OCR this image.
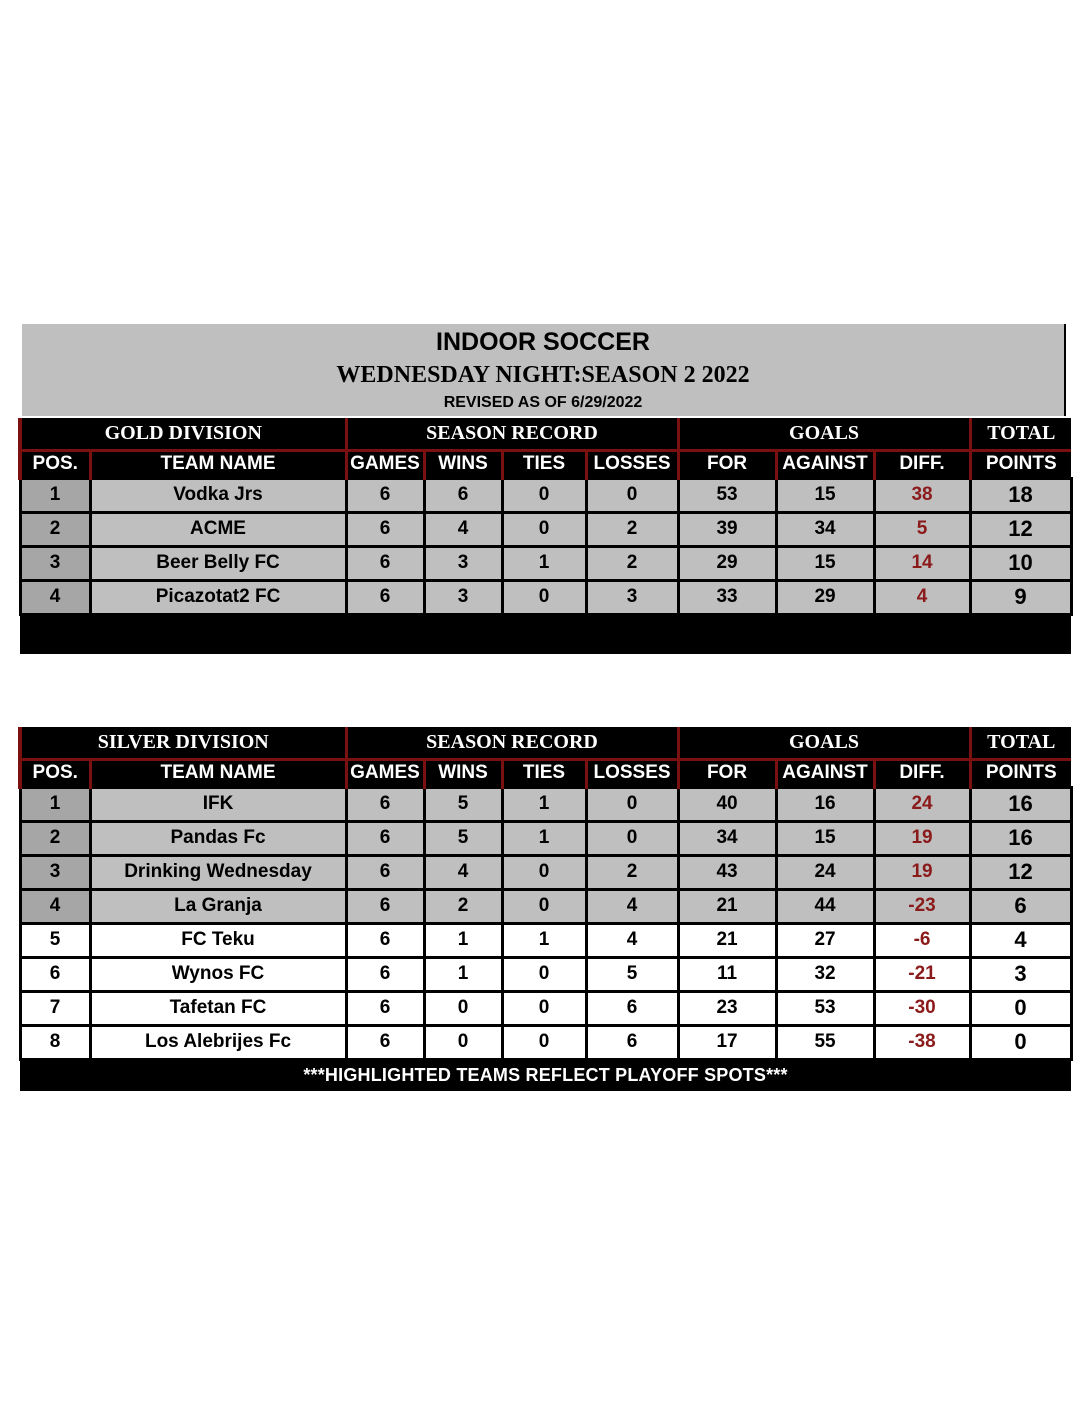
INDOOR SOCCER
WEDNESDAY NIGHT:SEASON 2 2022
REVISED AS OF 6/29/2022
GOLD DIVISION		SEASON RECORD				GOALS			TOTAL
POS.	TEAM NAME	GAMES	WINS	TIES	LOSSES	FOR	AGAINST	DIFF.	POINTS
1	Vodka Jrs	6	6	0	0	53	15	38	18
2	ACME	6	4	0	2	39	34	5	12
3	Beer Belly FC	6	3	1	2	29	15	14	10
4	Picazotat2 FC	6	3	0	3	33	29	4	9

SILVER DIVISION		SEASON RECORD				GOALS			TOTAL
POS.	TEAM NAME	GAMES	WINS	TIES	LOSSES	FOR	AGAINST	DIFF.	POINTS
1	IFK	6	5	1	0	40	16	24	16
2	Pandas Fc	6	5	1	0	34	15	19	16
3	Drinking Wednesday	6	4	0	2	43	24	19	12
4	La Granja	6	2	0	4	21	44	-23	6
5	FC Teku	6	1	1	4	21	27	-6	4
6	Wynos FC	6	1	0	5	11	32	-21	3
7	Tafetan FC	6	0	0	6	23	53	-30	0
8	Los Alebrijes Fc	6	0	0	6	17	55	-38	0
***HIGHLIGHTED TEAMS REFLECT PLAYOFF SPOTS***									
